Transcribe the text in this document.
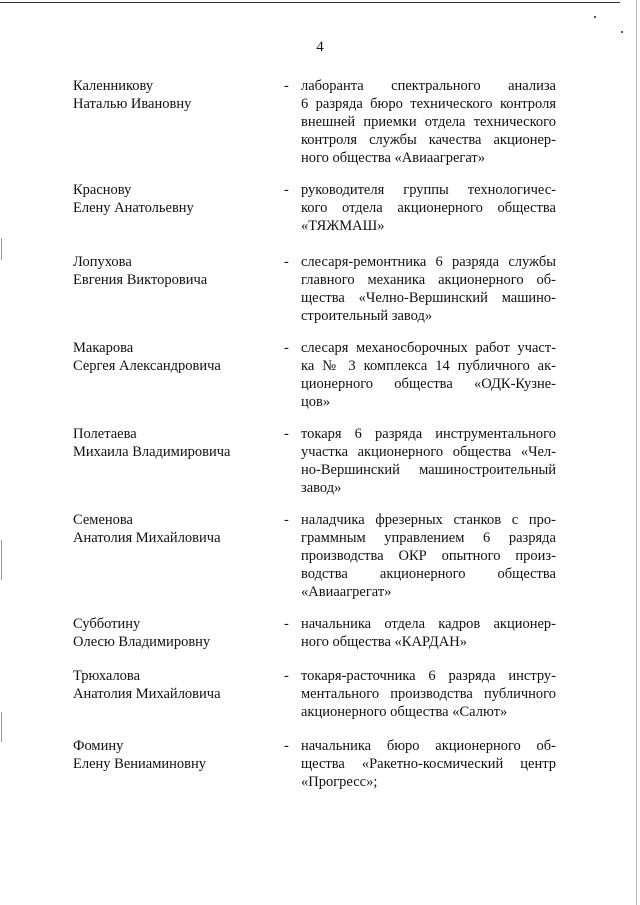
4
Каленникову
Наталью Ивановну
- лаборанта спектрального анализа
6 разряда бюро технического контроля
внешней приемки отдела технического
контроля службы качества акционер-
ного общества «Авиаагрегат»
Краснову
Елену Анатольевну
- руководителя группы технологичес-
кого отдела акционерного общества
«ТЯЖМАШ»
Лопухова
Евгения Викторовича
- слесаря-ремонтника 6 разряда службы
главного механика акционерного об-
щества «Челно-Вершинский машино-
строительный завод»
Макарова
Сергея Александровича
- слесаря механосборочных работ участ-
ка № 3 комплекса 14 публичного ак-
ционерного общества «ОДК-Кузне-
цов»
Полетаева
Михаила Владимировича
- токаря 6 разряда инструментального
участка акционерного общества «Чел-
но-Вершинский машиностроительный
завод»
Семенова
Анатолия Михайловича
- наладчика фрезерных станков с про-
граммным управлением 6 разряда
производства ОКР опытного произ-
водства акционерного общества
«Авиаагрегат»
Субботину
Олесю Владимировну
- начальника отдела кадров акционер-
ного общества «КАРДАН»
Трюхалова
Анатолия Михайловича
- токаря-расточника 6 разряда инстру-
ментального производства публичного
акционерного общества «Салют»
Фомину
Елену Вениаминовну
- начальника бюро акционерного об-
щества «Ракетно-космический центр
«Прогресс»;
